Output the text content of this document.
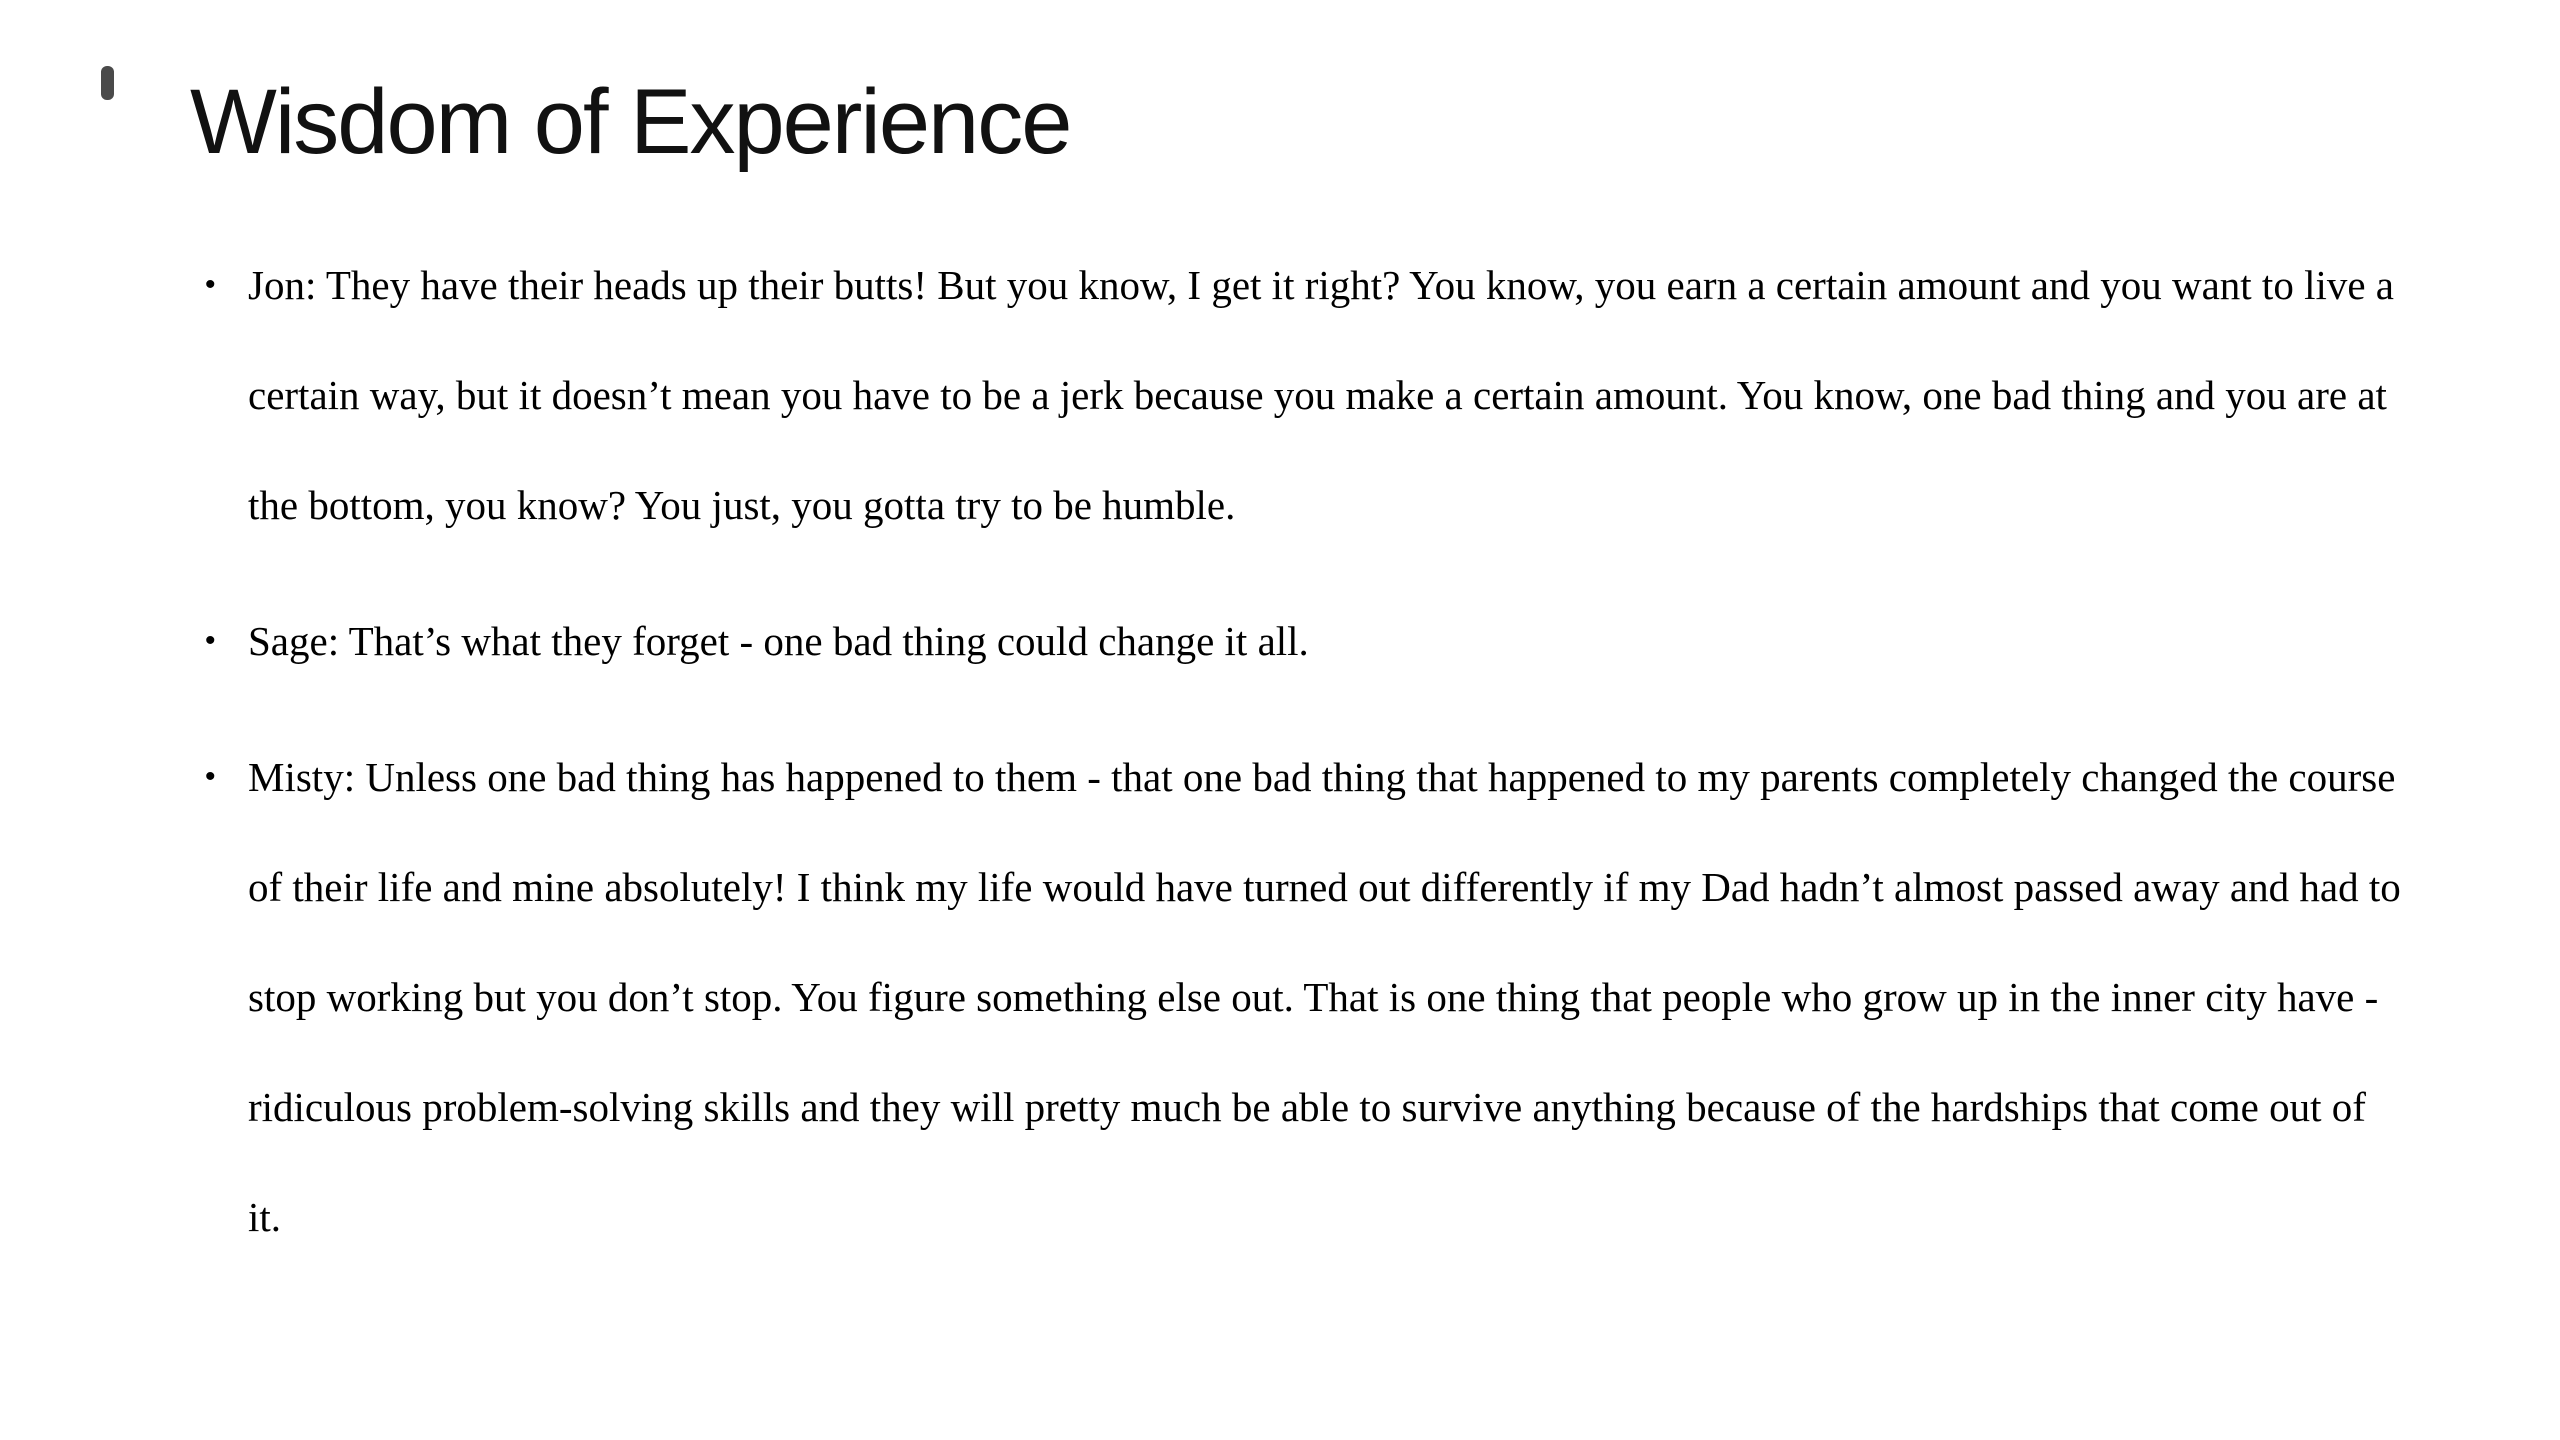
Wisdom of Experience
• Jon: They have their heads up their butts! But you know, I get it right? You know, you earn a certain amount and you want to live a certain way, but it doesn’t mean you have to be a jerk because you make a certain amount. You know, one bad thing and you are at the bottom, you know? You just, you gotta try to be humble.
• Sage: That’s what they forget - one bad thing could change it all.
• Misty: Unless one bad thing has happened to them - that one bad thing that happened to my parents completely changed the course of their life and mine absolutely! I think my life would have turned out differently if my Dad hadn’t almost passed away and had to stop working but you don’t stop. You figure something else out. That is one thing that people who grow up in the inner city have - ridiculous problem-solving skills and they will pretty much be able to survive anything because of the hardships that come out of it.
